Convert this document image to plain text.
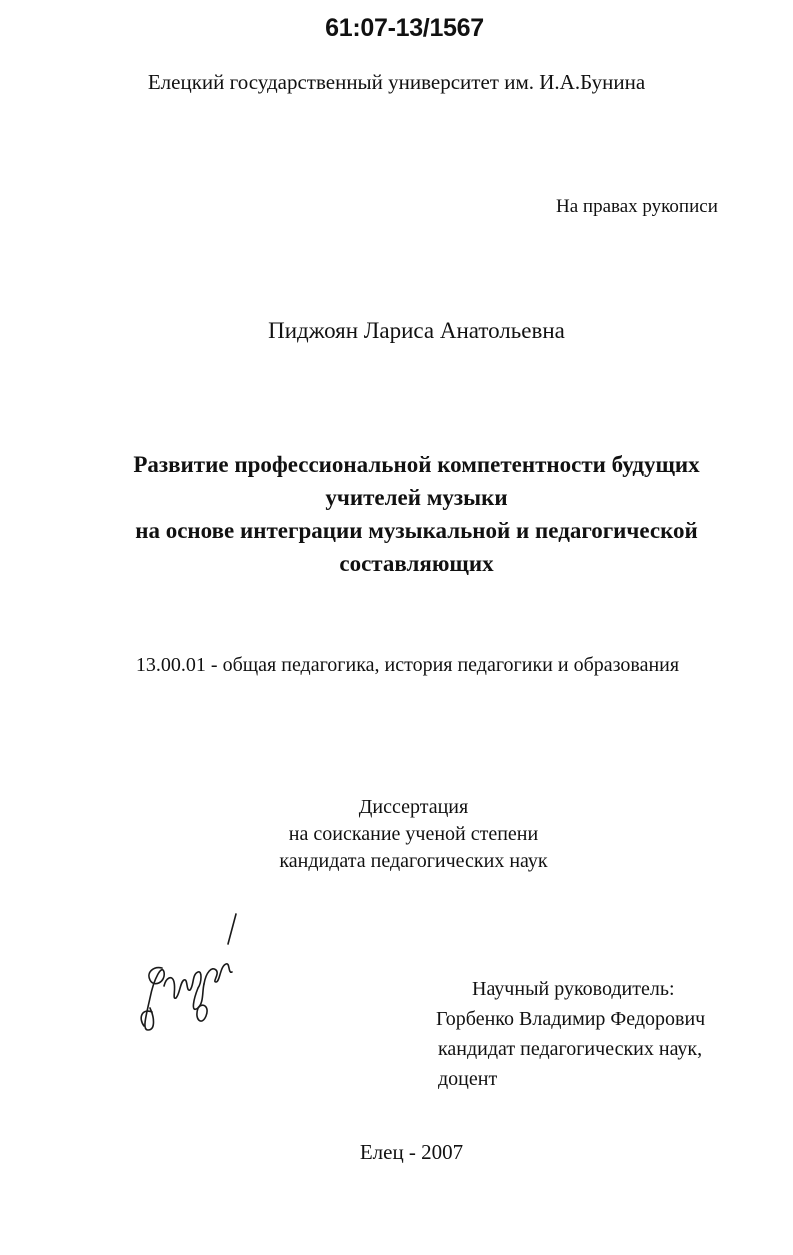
61:07-13/1567
Елецкий государственный университет им. И.А.Бунина
На правах рукописи
Пиджоян Лариса Анатольевна
Развитие профессиональной компетентности будущих
учителей музыки
на основе интеграции музыкальной и педагогической
составляющих
13.00.01 - общая педагогика, история педагогики и образования
Диссертация
на соискание ученой степени
кандидата педагогических наук
Научный руководитель:
Горбенко Владимир Федорович
кандидат педагогических наук,
доцент
Елец - 2007
